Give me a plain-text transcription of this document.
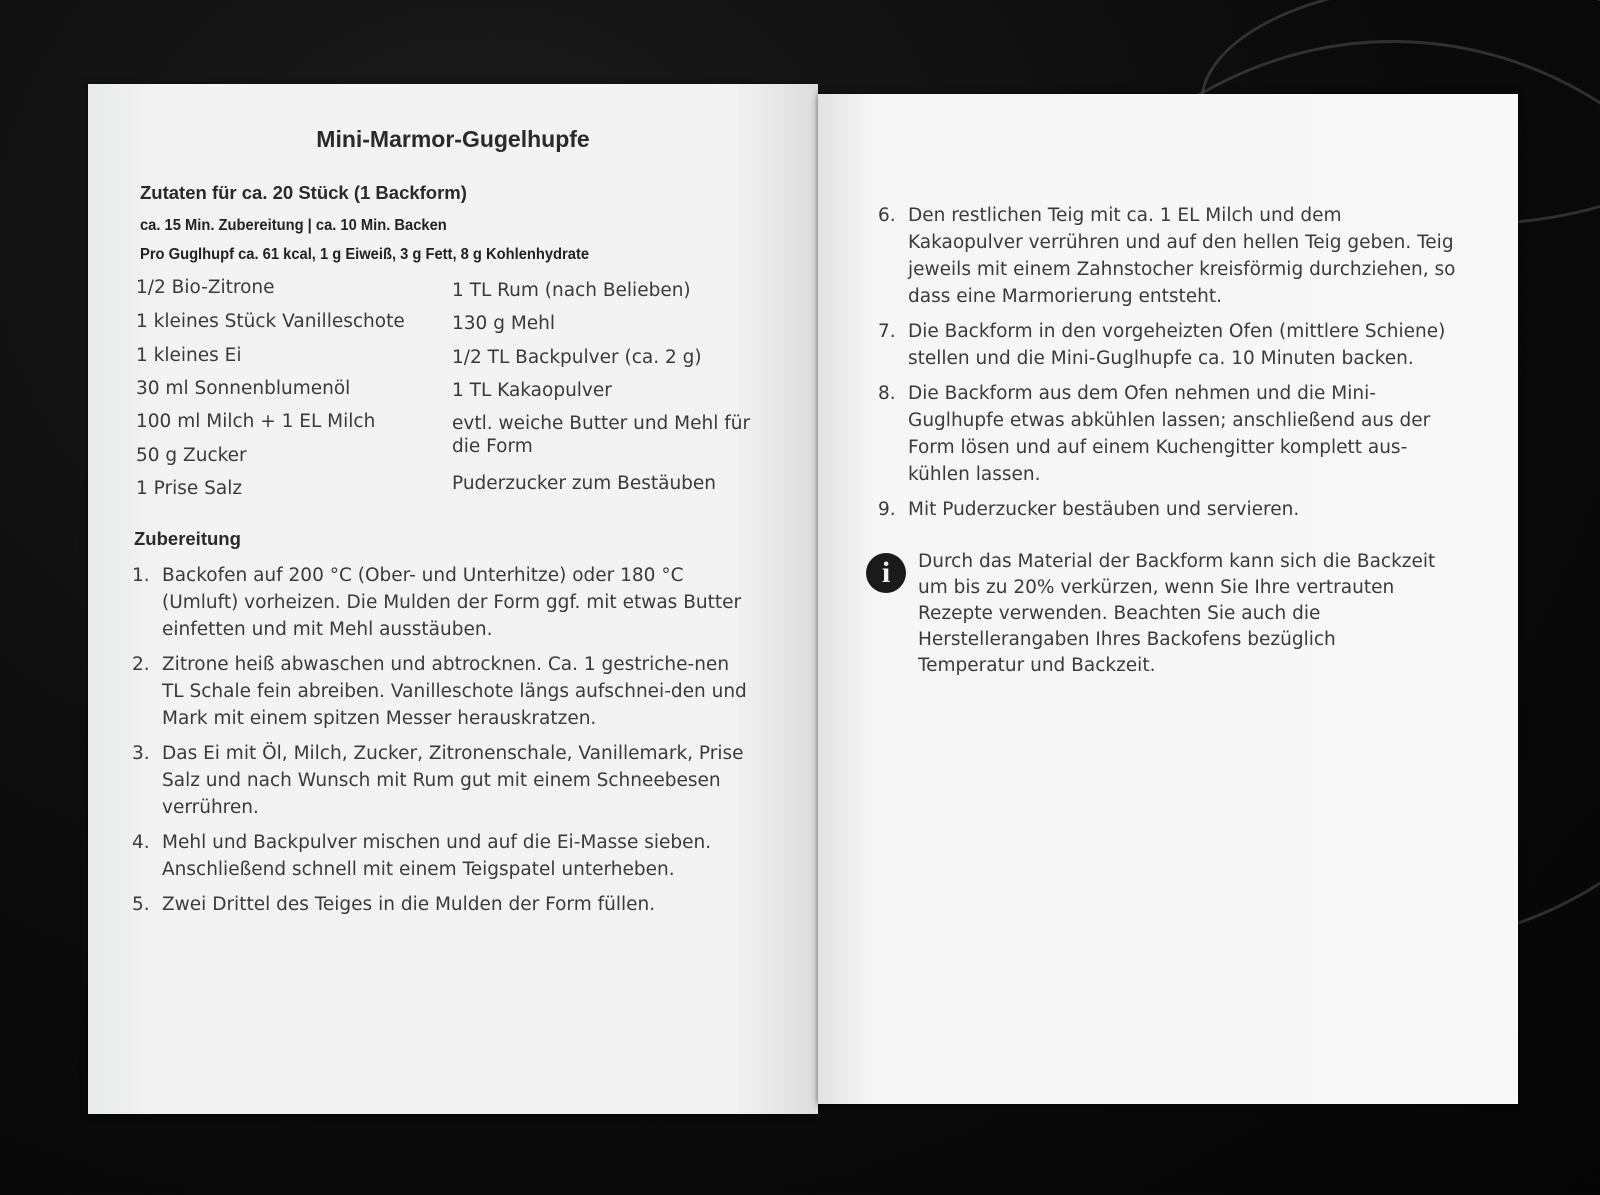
Mini-Marmor-Gugelhupfe
Zutaten für ca. 20 Stück (1 Backform)
ca. 15 Min. Zubereitung | ca. 10 Min. Backen
Pro Guglhupf ca. 61 kcal, 1 g Eiweiß, 3 g Fett, 8 g Kohlenhydrate
1/2 Bio-Zitrone
1 kleines Stück Vanilleschote
1 kleines Ei
30 ml Sonnenblumenöl
100 ml Milch + 1 EL Milch
50 g Zucker
1 Prise Salz
1 TL Rum (nach Belieben)
130 g Mehl
1/2 TL Backpulver (ca. 2 g)
1 TL Kakaopulver
evtl. weiche Butter und Mehl für die Form
Puderzucker zum Bestäuben
Zubereitung
1. Backofen auf 200 °C (Ober- und Unterhitze) oder 180 °C (Umluft) vorheizen. Die Mulden der Form ggf. mit etwas Butter einfetten und mit Mehl ausstäuben.
2. Zitrone heiß abwaschen und abtrocknen. Ca. 1 gestriche-nen TL Schale fein abreiben. Vanilleschote längs aufschnei-den und Mark mit einem spitzen Messer herauskratzen.
3. Das Ei mit Öl, Milch, Zucker, Zitronenschale, Vanillemark, Prise Salz und nach Wunsch mit Rum gut mit einem Schneebesen verrühren.
4. Mehl und Backpulver mischen und auf die Ei-Masse sieben. Anschließend schnell mit einem Teigspatel unterheben.
5. Zwei Drittel des Teiges in die Mulden der Form füllen.
6. Den restlichen Teig mit ca. 1 EL Milch und dem Kakaopulver verrühren und auf den hellen Teig geben. Teig jeweils mit einem Zahnstocher kreisförmig durchziehen, so dass eine Marmorierung entsteht.
7. Die Backform in den vorgeheizten Ofen (mittlere Schiene) stellen und die Mini-Guglhupfe ca. 10 Minuten backen.
8. Die Backform aus dem Ofen nehmen und die Mini-Guglhupfe etwas abkühlen lassen; anschließend aus der Form lösen und auf einem Kuchengitter komplett aus-kühlen lassen.
9. Mit Puderzucker bestäuben und servieren.
i	Durch das Material der Backform kann sich die Backzeit um bis zu 20% verkürzen, wenn Sie Ihre vertrauten Rezepte verwenden. Beachten Sie auch die Herstellerangaben Ihres Backofens bezüglich Temperatur und Backzeit.
